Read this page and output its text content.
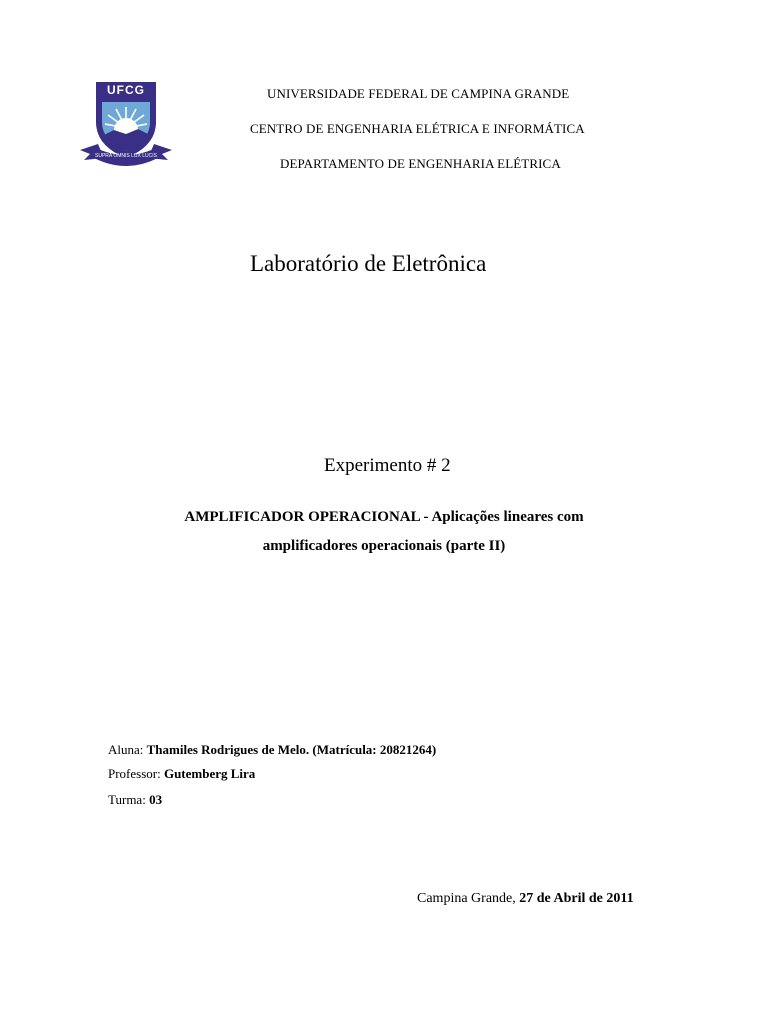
UFCG
SUPRA OMNIS LUX LUCIS
UNIVERSIDADE FEDERAL DE CAMPINA GRANDE
CENTRO DE ENGENHARIA ELÉTRICA E INFORMÁTICA
DEPARTAMENTO DE ENGENHARIA ELÉTRICA
Laboratório de Eletrônica
Experimento # 2
AMPLIFICADOR OPERACIONAL - Aplicações lineares com
amplificadores operacionais (parte II)
Aluna: Thamiles Rodrigues de Melo. (Matrícula: 20821264)
Professor: Gutemberg Lira
Turma: 03
Campina Grande, 27 de Abril de 2011
